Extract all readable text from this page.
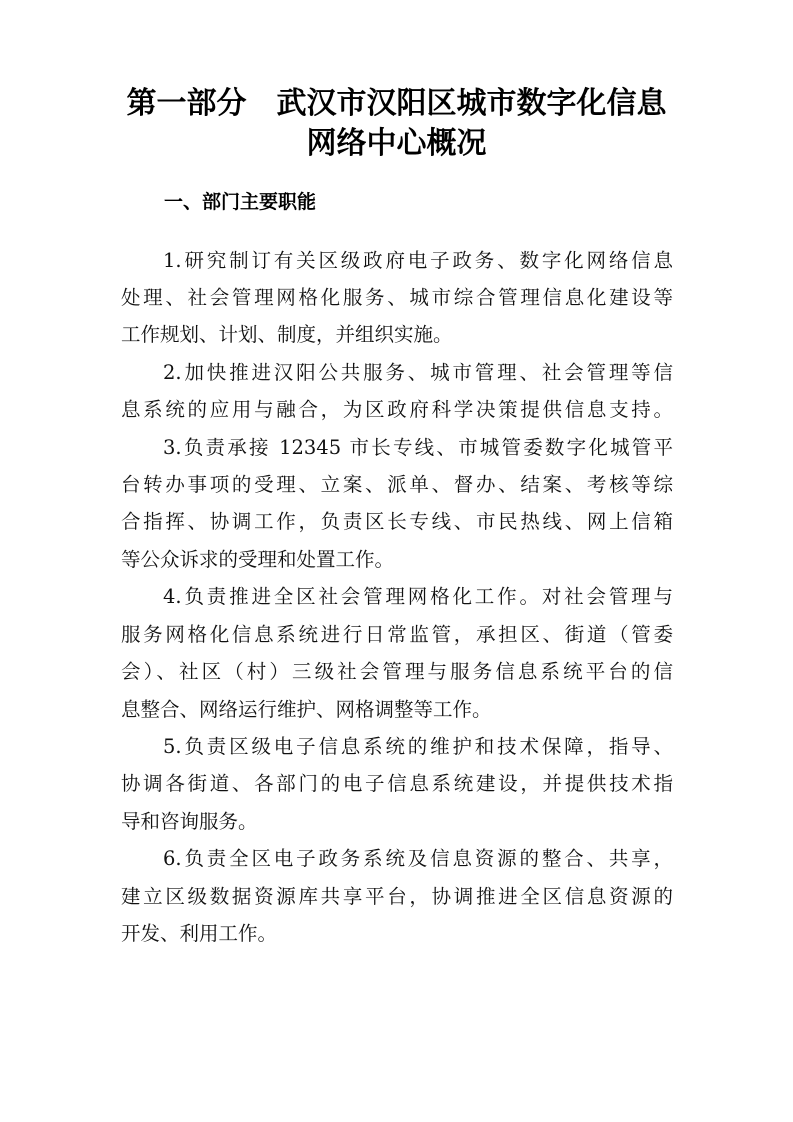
第一部分 武汉市汉阳区城市数字化信息
网络中心概况
一、部门主要职能
1.研究制订有关区级政府电子政务、数字化网络信息
处理、社会管理网格化服务、城市综合管理信息化建设等
工作规划、计划、制度，并组织实施。
2.加快推进汉阳公共服务、城市管理、社会管理等信
息系统的应用与融合，为区政府科学决策提供信息支持。
3.负责承接 12345 市长专线、市城管委数字化城管平
台转办事项的受理、立案、派单、督办、结案、考核等综
合指挥、协调工作，负责区长专线、市民热线、网上信箱
等公众诉求的受理和处置工作。
4.负责推进全区社会管理网格化工作。对社会管理与
服务网格化信息系统进行日常监管，承担区、街道（管委
会）、社区（村）三级社会管理与服务信息系统平台的信
息整合、网络运行维护、网格调整等工作。
5.负责区级电子信息系统的维护和技术保障，指导、
协调各街道、各部门的电子信息系统建设，并提供技术指
导和咨询服务。
6.负责全区电子政务系统及信息资源的整合、共享，
建立区级数据资源库共享平台，协调推进全区信息资源的
开发、利用工作。
